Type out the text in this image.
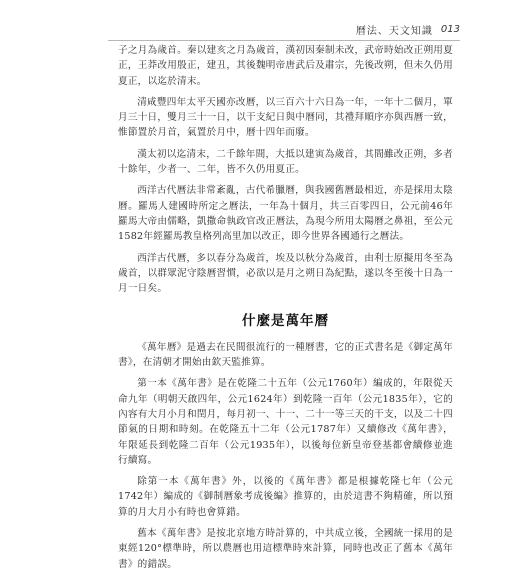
曆法、天文知識 013

子之月為歲首。秦以建亥之月為歲首，漢初因秦制未改，武帝時始改正朔用夏正，王莽改用殷正，建丑，其後魏明帝唐武后及肅宗，先後改朔，但未久仍用夏正，以迄於清末。

清咸豐四年太平天國亦改曆，以三百六十六日為一年，一年十二個月，單月三十日，雙月三十一日，以干支紀日與中曆同，其禮拜順序亦與西曆一致，惟節置於月首，氣置於月中，曆十四年而廢。

漢太初以迄清末，二千餘年間，大抵以建寅為歲首，其間雖改正朔，多者十餘年，少者一、二年，皆不久仍用夏正。

西洋古代曆法非常紊亂，古代希臘曆，與我國舊曆最相近，亦是採用太陰曆。羅馬人建國時所定之曆法，一年為十個月，共三百零四日，公元前46年羅馬大帝由儒略，凱撒命執政官改正曆法，為現今所用太陽曆之鼻祖，至公元1582年經羅馬教皇格列高里加以改正，即今世界各國通行之曆法。

西洋古代曆，多以春分為歲首，埃及以秋分為歲首，由利士原擬用冬至為歲首，以群眾泥守陰曆習慣，必欲以是月之朔日為紀點，遂以冬至後十日為一月一日矣。

什麼是萬年曆

《萬年曆》是過去在民間很流行的一種曆書，它的正式書名是《御定萬年書》，在清朝才開始由欽天監推算。

第一本《萬年書》是在乾隆二十五年（公元1760年）編成的，年限從天命九年（明朝天啟四年，公元1624年）到乾隆一百年（公元1835年），它的內容有大月小月和閏月，每月初一、十一、二十一等三天的干支，以及二十四節氣的日期和時刻。在乾隆五十二年（公元1787年）又續修改《萬年書》，年限延長到乾隆二百年（公元1935年），以後每位新皇帝登基都會續修並進行續寫。

除第一本《萬年書》外，以後的《萬年書》都是根據乾隆七年（公元1742年）編成的《御制曆象考成後編》推算的，由於這書不夠精確，所以預算的月大月小有時也會算錯。

舊本《萬年書》是按北京地方時計算的，中共成立後，全國統一採用的是東經120°標準時，所以農曆也用這標準時來計算，同時也改正了舊本《萬年書》的錯誤。
